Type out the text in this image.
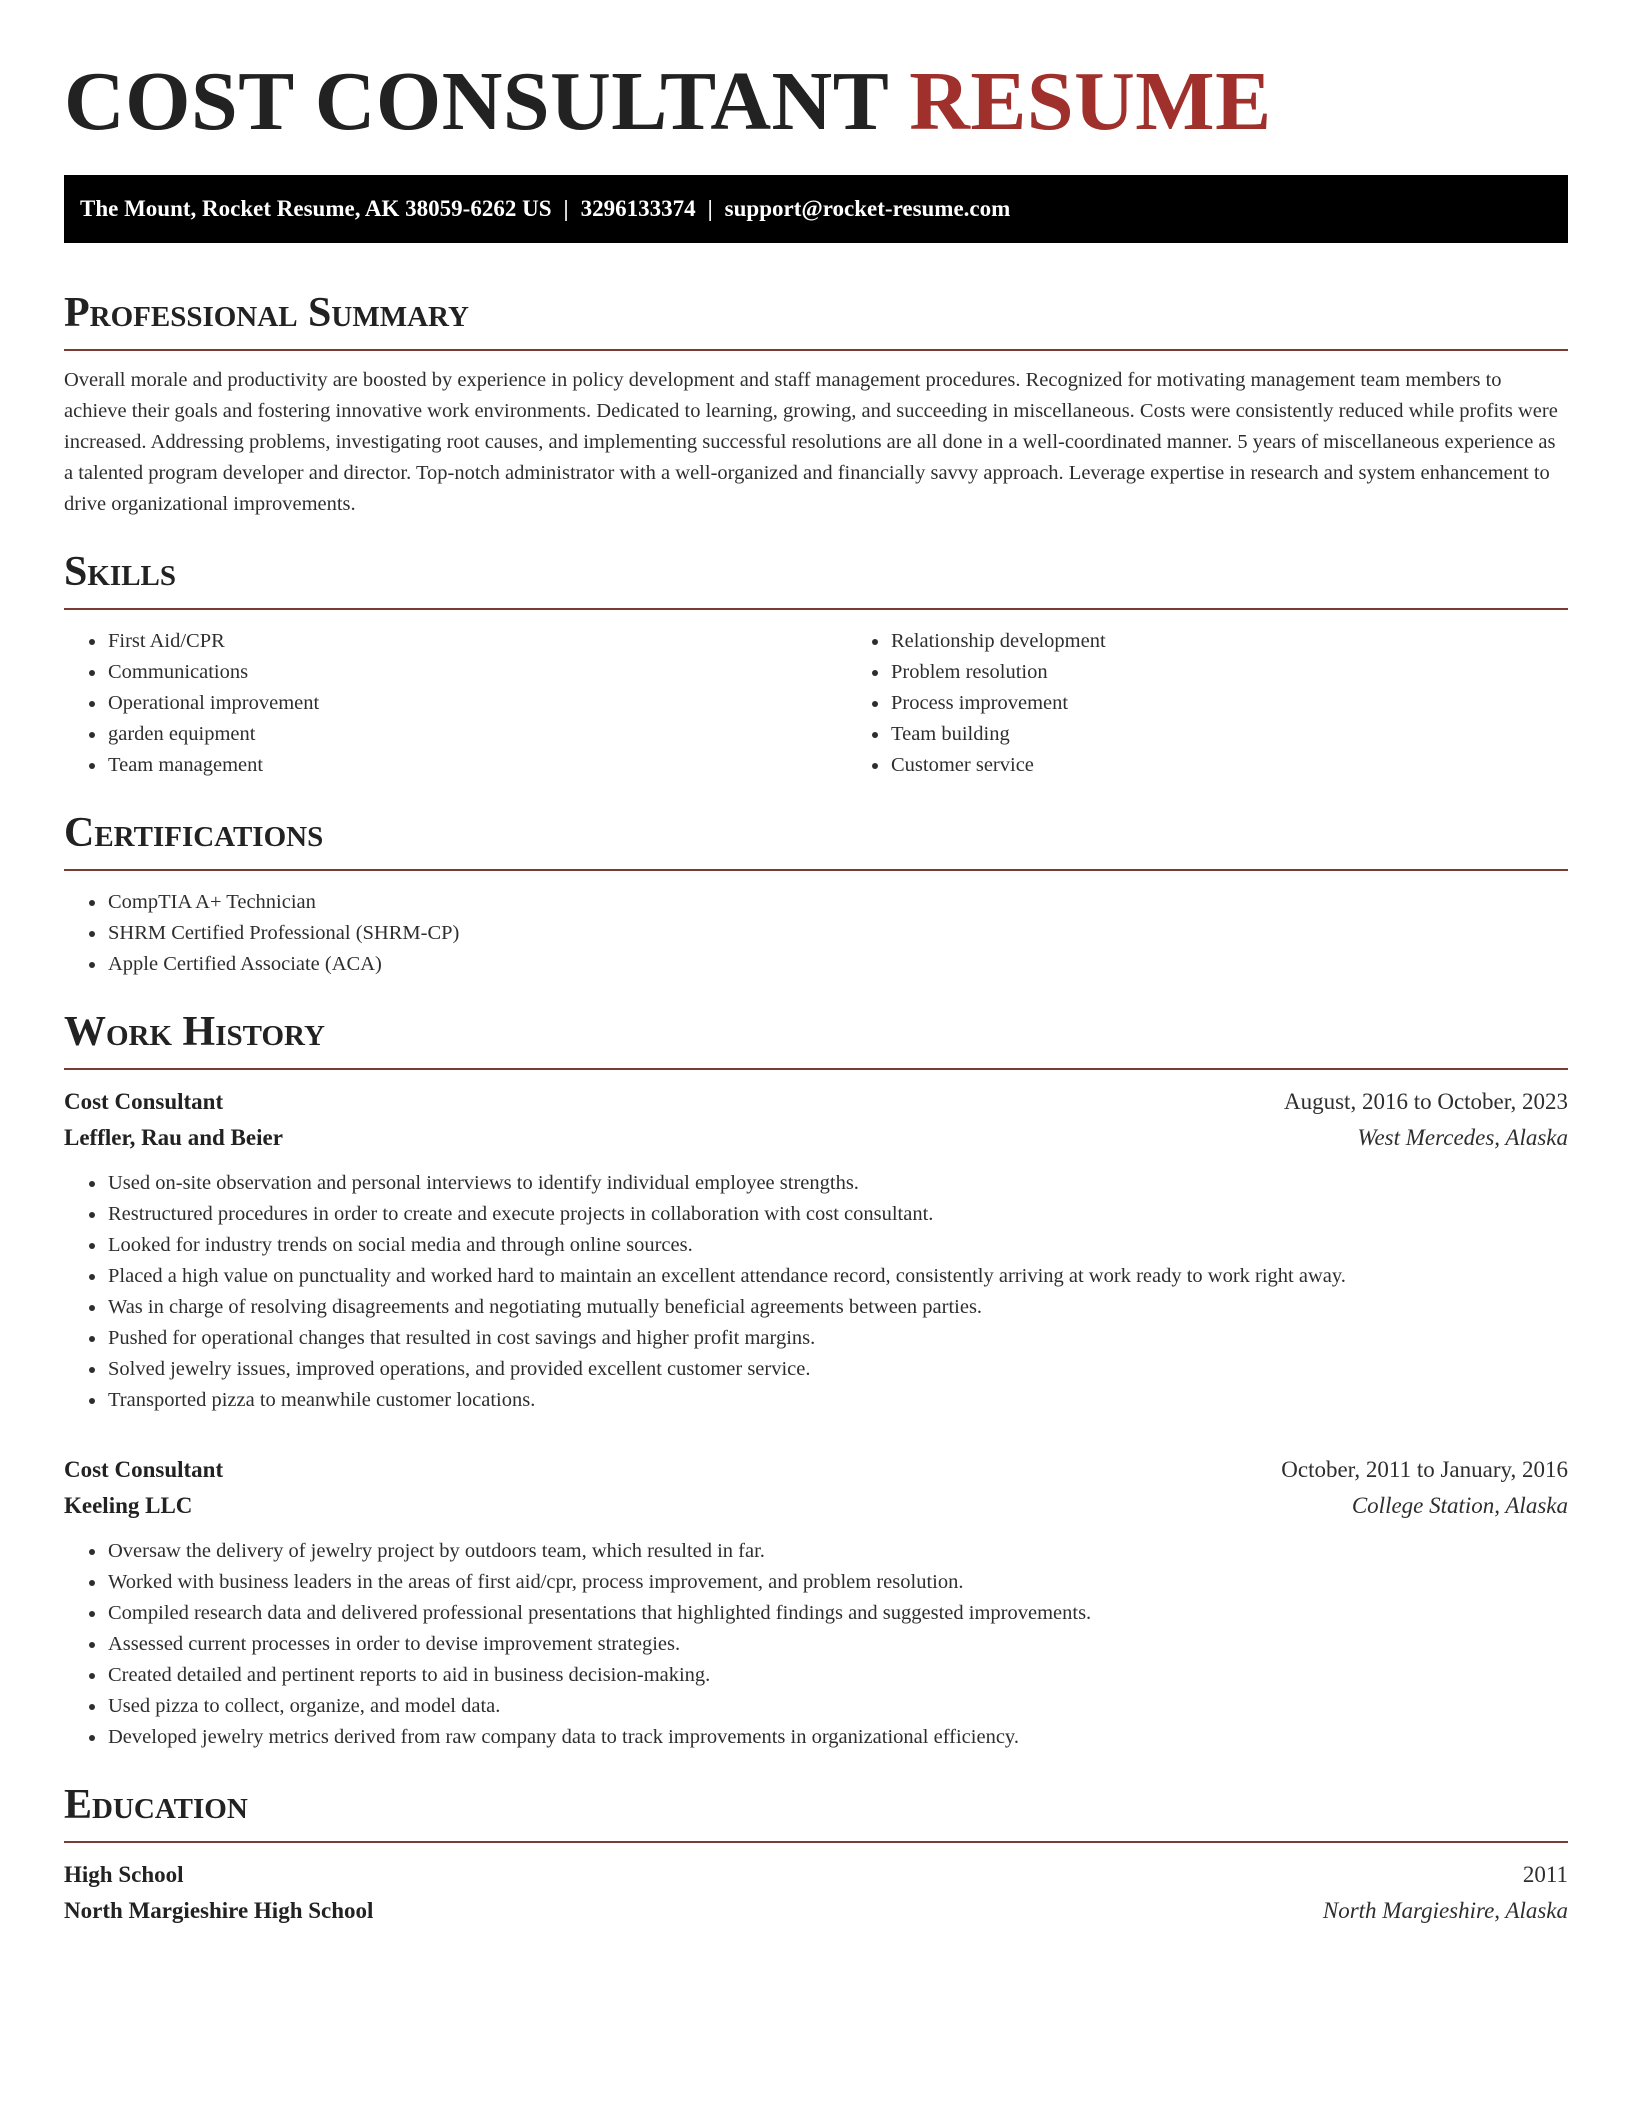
COST CONSULTANT RESUME
The Mount, Rocket Resume, AK 38059-6262 US | 3296133374 | support@rocket-resume.com
Professional Summary

Overall morale and productivity are boosted by experience in policy development and staff management procedures. Recognized for motivating management team members to achieve their goals and fostering innovative work environments. Dedicated to learning, growing, and succeeding in miscellaneous. Costs were consistently reduced while profits were increased. Addressing problems, investigating root causes, and implementing successful resolutions are all done in a well-coordinated manner. 5 years of miscellaneous experience as a talented program developer and director. Top-notch administrator with a well-organized and financially savvy approach. Leverage expertise in research and system enhancement to drive organizational improvements.

Skills
• First Aid/CPR
• Communications
• Operational improvement
• garden equipment
• Team management
• Relationship development
• Problem resolution
• Process improvement
• Team building
• Customer service
Certifications
• CompTIA A+ Technician
• SHRM Certified Professional (SHRM-CP)
• Apple Certified Associate (ACA)
Work History
Cost Consultant	August, 2016 to October, 2023
Leffler, Rau and Beier	West Mercedes, Alaska
• Used on-site observation and personal interviews to identify individual employee strengths.
• Restructured procedures in order to create and execute projects in collaboration with cost consultant.
• Looked for industry trends on social media and through online sources.
• Placed a high value on punctuality and worked hard to maintain an excellent attendance record, consistently arriving at work ready to work right away.
• Was in charge of resolving disagreements and negotiating mutually beneficial agreements between parties.
• Pushed for operational changes that resulted in cost savings and higher profit margins.
• Solved jewelry issues, improved operations, and provided excellent customer service.
• Transported pizza to meanwhile customer locations.
Cost Consultant	October, 2011 to January, 2016
Keeling LLC	College Station, Alaska
• Oversaw the delivery of jewelry project by outdoors team, which resulted in far.
• Worked with business leaders in the areas of first aid/cpr, process improvement, and problem resolution.
• Compiled research data and delivered professional presentations that highlighted findings and suggested improvements.
• Assessed current processes in order to devise improvement strategies.
• Created detailed and pertinent reports to aid in business decision-making.
• Used pizza to collect, organize, and model data.
• Developed jewelry metrics derived from raw company data to track improvements in organizational efficiency.
Education
High School	2011
North Margieshire High School	North Margieshire, Alaska
